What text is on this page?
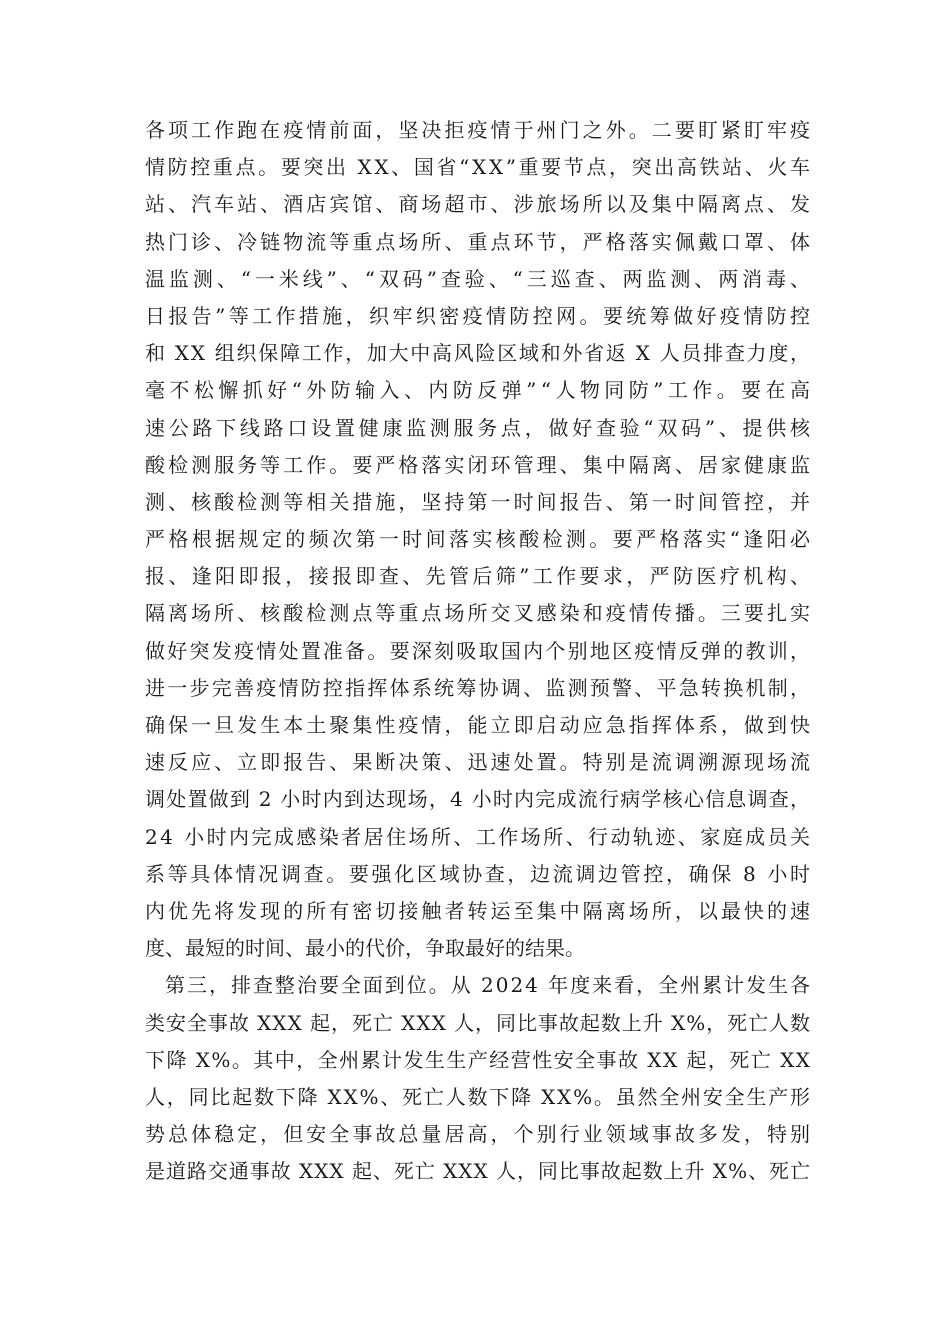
各项工作跑在疫情前面，坚决拒疫情于州门之外。二要盯紧盯牢疫
情防控重点。要突出 XX、国省“XX”重要节点，突出高铁站、火车
站、汽车站、酒店宾馆、商场超市、涉旅场所以及集中隔离点、发
热门诊、冷链物流等重点场所、重点环节，严格落实佩戴口罩、体
温监测、“一米线”、“双码”查验、“三巡查、两监测、两消毒、
日报告”等工作措施，织牢织密疫情防控网。要统筹做好疫情防控
和 XX 组织保障工作，加大中高风险区域和外省返 X 人员排查力度，
毫不松懈抓好“外防输入、内防反弹”“人物同防”工作。要在高
速公路下线路口设置健康监测服务点，做好查验“双码”、提供核
酸检测服务等工作。要严格落实闭环管理、集中隔离、居家健康监
测、核酸检测等相关措施，坚持第一时间报告、第一时间管控，并
严格根据规定的频次第一时间落实核酸检测。要严格落实“逢阳必
报、逢阳即报，接报即查、先管后筛”工作要求，严防医疗机构、
隔离场所、核酸检测点等重点场所交叉感染和疫情传播。三要扎实
做好突发疫情处置准备。要深刻吸取国内个别地区疫情反弹的教训，
进一步完善疫情防控指挥体系统筹协调、监测预警、平急转换机制，
确保一旦发生本土聚集性疫情，能立即启动应急指挥体系，做到快
速反应、立即报告、果断决策、迅速处置。特别是流调溯源现场流
调处置做到 2 小时内到达现场，4 小时内完成流行病学核心信息调查，
24 小时内完成感染者居住场所、工作场所、行动轨迹、家庭成员关
系等具体情况调查。要强化区域协查，边流调边管控，确保 8 小时
内优先将发现的所有密切接触者转运至集中隔离场所，以最快的速
度、最短的时间、最小的代价，争取最好的结果。
第三，排查整治要全面到位。从 2024 年度来看，全州累计发生各
类安全事故 XXX 起，死亡 XXX 人，同比事故起数上升 X%，死亡人数
下降 X%。其中，全州累计发生生产经营性安全事故 XX 起，死亡 XX
人，同比起数下降 XX%、死亡人数下降 XX%。虽然全州安全生产形
势总体稳定，但安全事故总量居高，个别行业领域事故多发，特别
是道路交通事故 XXX 起、死亡 XXX 人，同比事故起数上升 X%、死亡
